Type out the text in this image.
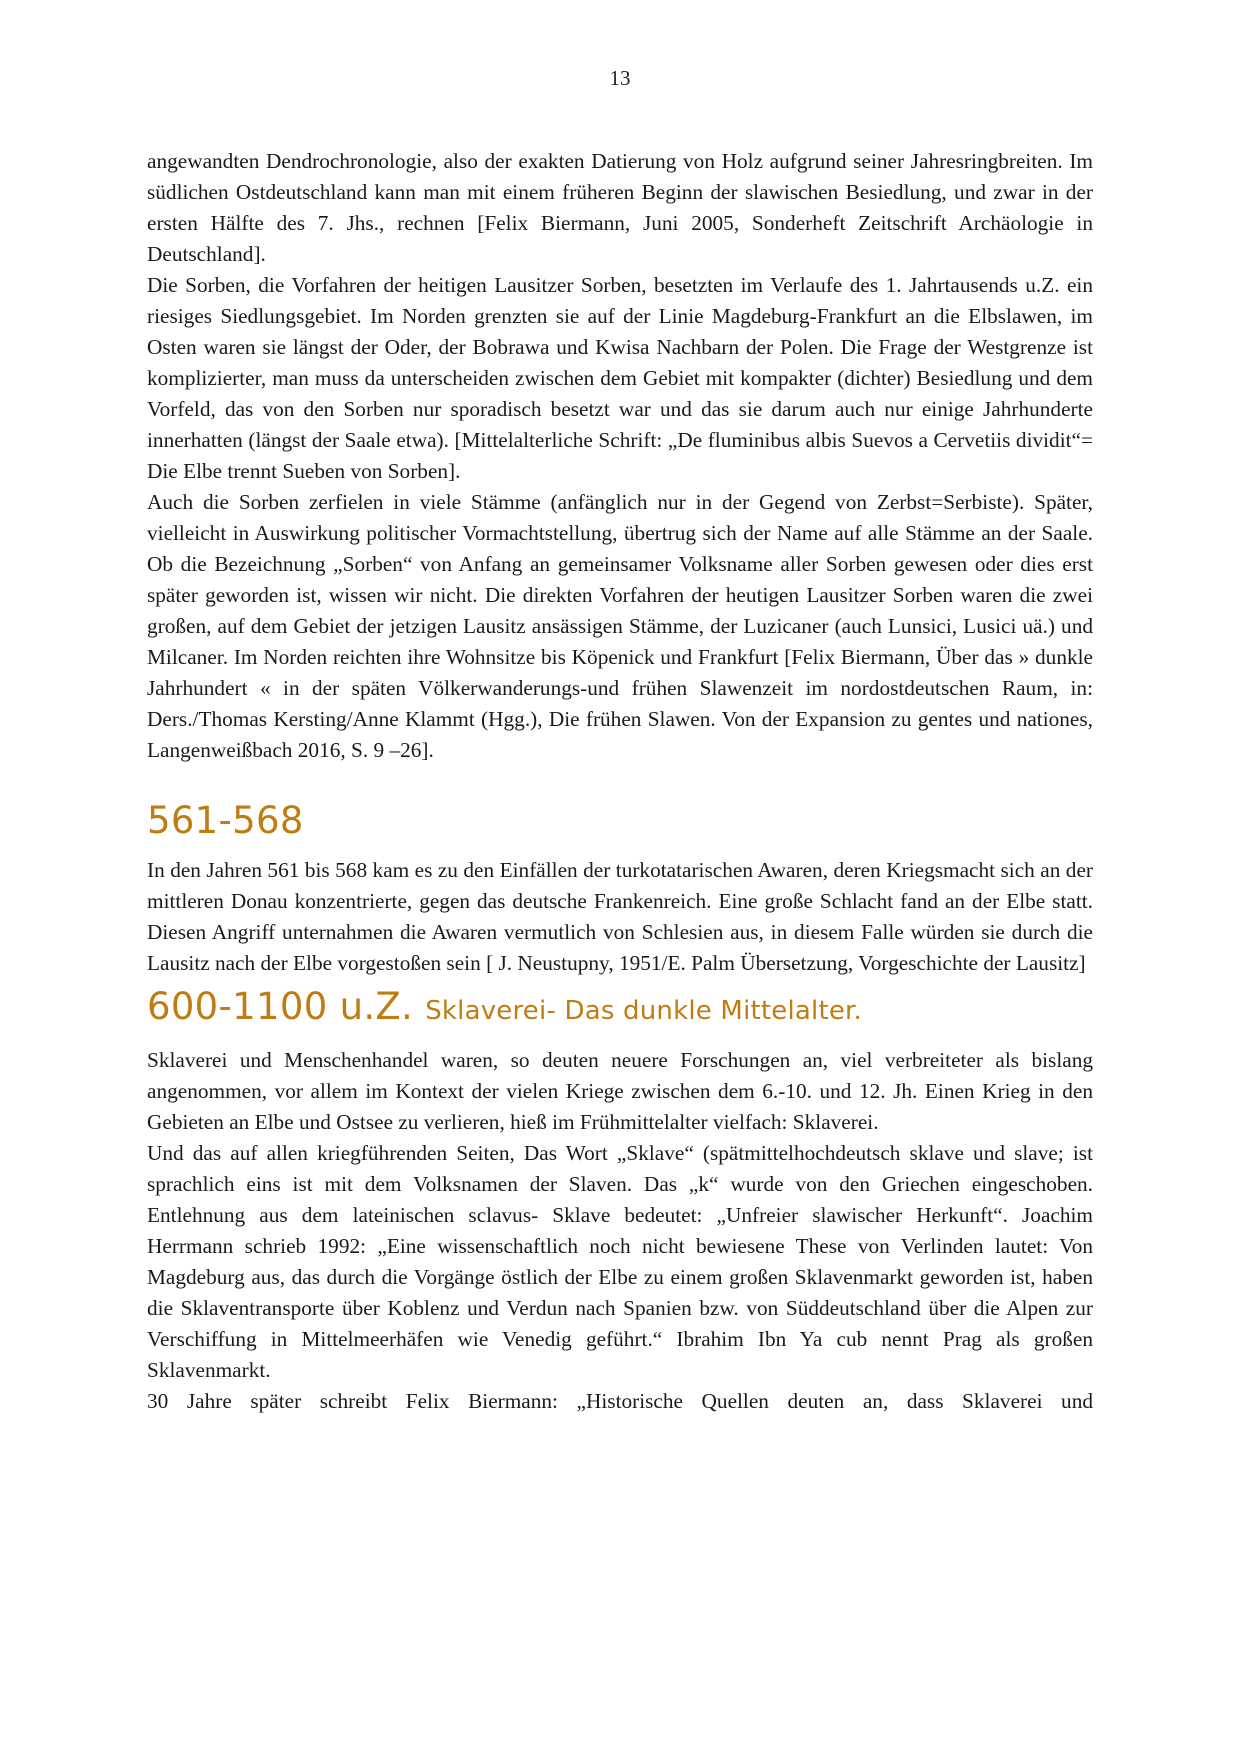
13

angewandten Dendrochronologie, also der exakten Datierung von Holz aufgrund seiner Jahresringbreiten. Im südlichen Ostdeutschland kann man mit einem früheren Beginn der slawischen Besiedlung, und zwar in der ersten Hälfte des 7. Jhs., rechnen [Felix Biermann, Juni 2005, Sonderheft Zeitschrift Archäologie in Deutschland].

Die Sorben, die Vorfahren der heitigen Lausitzer Sorben, besetzten im Verlaufe des 1. Jahrtausends u.Z. ein riesiges Siedlungsgebiet. Im Norden grenzten sie auf der Linie Magdeburg-Frankfurt an die Elbslawen, im Osten waren sie längst der Oder, der Bobrawa und Kwisa Nachbarn der Polen. Die Frage der Westgrenze ist komplizierter, man muss da unterscheiden zwischen dem Gebiet mit kompakter (dichter) Besiedlung und dem Vorfeld, das von den Sorben nur sporadisch besetzt war und das sie darum auch nur einige Jahrhunderte innerhatten (längst der Saale etwa). [Mittelalterliche Schrift: „De fluminibus albis Suevos a Cervetiis dividit“= Die Elbe trennt Sueben von Sorben].

Auch die Sorben zerfielen in viele Stämme (anfänglich nur in der Gegend von Zerbst=Serbiste). Später, vielleicht in Auswirkung politischer Vormachtstellung, übertrug sich der Name auf alle Stämme an der Saale. Ob die Bezeichnung „Sorben“ von Anfang an gemeinsamer Volksname aller Sorben gewesen oder dies erst später geworden ist, wissen wir nicht. Die direkten Vorfahren der heutigen Lausitzer Sorben waren die zwei großen, auf dem Gebiet der jetzigen Lausitz ansässigen Stämme, der Luzicaner (auch Lunsici, Lusici uä.) und Milcaner. Im Norden reichten ihre Wohnsitze bis Köpenick und Frankfurt [Felix Biermann, Über das » dunkle Jahrhundert « in der späten Völkerwanderungs-und frühen Slawenzeit im nordostdeutschen Raum, in: Ders./Thomas Kersting/Anne Klammt (Hgg.), Die frühen Slawen. Von der Expansion zu gentes und nationes, Langenweißbach 2016, S. 9 –26].

561-568

In den Jahren 561 bis 568 kam es zu den Einfällen der turkotatarischen Awaren, deren Kriegsmacht sich an der mittleren Donau konzentrierte, gegen das deutsche Frankenreich. Eine große Schlacht fand an der Elbe statt. Diesen Angriff unternahmen die Awaren vermutlich von Schlesien aus, in diesem Falle würden sie durch die Lausitz nach der Elbe vorgestoßen sein [ J. Neustupny, 1951/E. Palm Übersetzung, Vorgeschichte der Lausitz]

600-1100 u.Z. Sklaverei- Das dunkle Mittelalter.

Sklaverei und Menschenhandel waren, so deuten neuere Forschungen an, viel verbreiteter als bislang angenommen, vor allem im Kontext der vielen Kriege zwischen dem 6.-10. und 12. Jh. Einen Krieg in den Gebieten an Elbe und Ostsee zu verlieren, hieß im Frühmittelalter vielfach: Sklaverei.

Und das auf allen kriegführenden Seiten, Das Wort „Sklave“ (spätmittelhochdeutsch sklave und slave; ist sprachlich eins ist mit dem Volksnamen der Slaven. Das „k“ wurde von den Griechen eingeschoben. Entlehnung aus dem lateinischen sclavus- Sklave bedeutet: „Unfreier slawischer Herkunft“. Joachim Herrmann schrieb 1992: „Eine wissenschaftlich noch nicht bewiesene These von Verlinden lautet: Von Magdeburg aus, das durch die Vorgänge östlich der Elbe zu einem großen Sklavenmarkt geworden ist, haben die Sklaventransporte über Koblenz und Verdun nach Spanien bzw. von Süddeutschland über die Alpen zur Verschiffung in Mittelmeerhäfen wie Venedig geführt.“ Ibrahim Ibn Ya cub nennt Prag als großen Sklavenmarkt.

30 Jahre später schreibt Felix Biermann: „Historische Quellen deuten an, dass Sklaverei und
